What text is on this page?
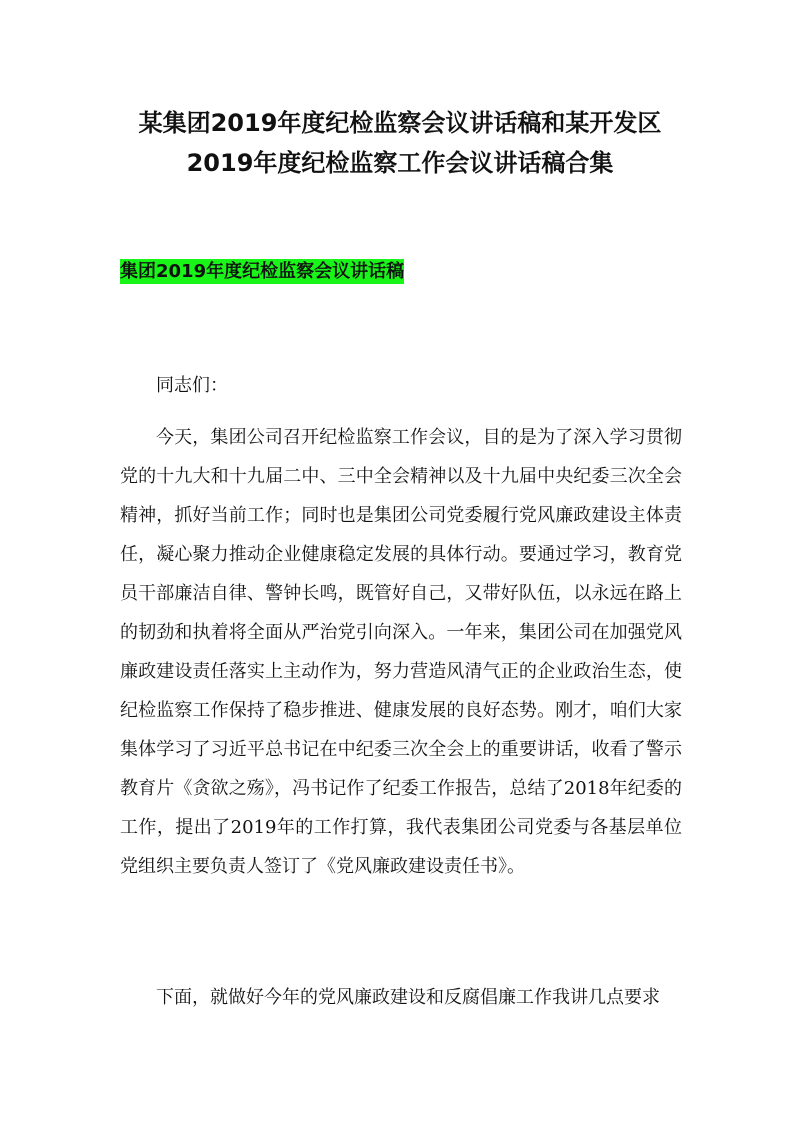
某集团2019年度纪检监察会议讲话稿和某开发区
2019年度纪检监察工作会议讲话稿合集
集团2019年度纪检监察会议讲话稿

同志们：

今天，集团公司召开纪检监察工作会议，目的是为了深入学习贯彻党的十九大和十九届二中、三中全会精神以及十九届中央纪委三次全会精神，抓好当前工作；同时也是集团公司党委履行党风廉政建设主体责任，凝心聚力推动企业健康稳定发展的具体行动。要通过学习，教育党员干部廉洁自律、警钟长鸣，既管好自己，又带好队伍，以永远在路上的韧劲和执着将全面从严治党引向深入。一年来，集团公司在加强党风廉政建设责任落实上主动作为，努力营造风清气正的企业政治生态，使纪检监察工作保持了稳步推进、健康发展的良好态势。刚才，咱们大家集体学习了习近平总书记在中纪委三次全会上的重要讲话，收看了警示教育片《贪欲之殇》，冯书记作了纪委工作报告，总结了2018年纪委的工作，提出了2019年的工作打算，我代表集团公司党委与各基层单位党组织主要负责人签订了《党风廉政建设责任书》。

下面，就做好今年的党风廉政建设和反腐倡廉工作我讲几点要求
